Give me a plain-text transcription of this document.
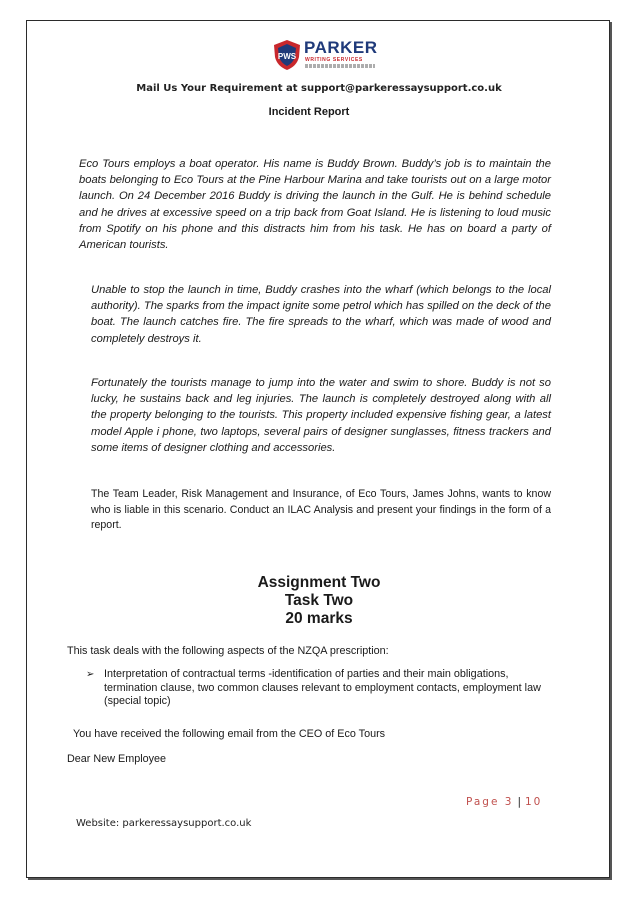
PWS PARKER
WRITING SERVICES
Mail Us Your Requirement at support@parkeressaysupport.co.uk
Incident Report
Eco Tours employs a boat operator. His name is Buddy Brown. Buddy’s job is to maintain the boats belonging to Eco Tours at the Pine Harbour Marina and take tourists out on a large motor launch. On 24 December 2016 Buddy is driving the launch in the Gulf. He is behind schedule and he drives at excessive speed on a trip back from Goat Island. He is listening to loud music from Spotify on his phone and this distracts him from his task. He has on board a party of American tourists.
Unable to stop the launch in time, Buddy crashes into the wharf (which belongs to the local authority). The sparks from the impact ignite some petrol which has spilled on the deck of the boat. The launch catches fire. The fire spreads to the wharf, which was made of wood and completely destroys it.
Fortunately the tourists manage to jump into the water and swim to shore. Buddy is not so lucky, he sustains back and leg injuries. The launch is completely destroyed along with all the property belonging to the tourists. This property included expensive fishing gear, a latest model Apple i phone, two laptops, several pairs of designer sunglasses, fitness trackers and some items of designer clothing and accessories.
The Team Leader, Risk Management and Insurance, of Eco Tours, James Johns, wants to know who is liable in this scenario. Conduct an ILAC Analysis and present your findings in the form of a report.
Assignment Two
Task Two
20 marks
This task deals with the following aspects of the NZQA prescription:
➢ Interpretation of contractual terms -identification of parties and their main obligations, termination clause, two common clauses relevant to employment contacts, employment law (special topic)
You have received the following email from the CEO of Eco Tours
Dear New Employee
Page 3 | 10
Website: parkeressaysupport.co.uk
